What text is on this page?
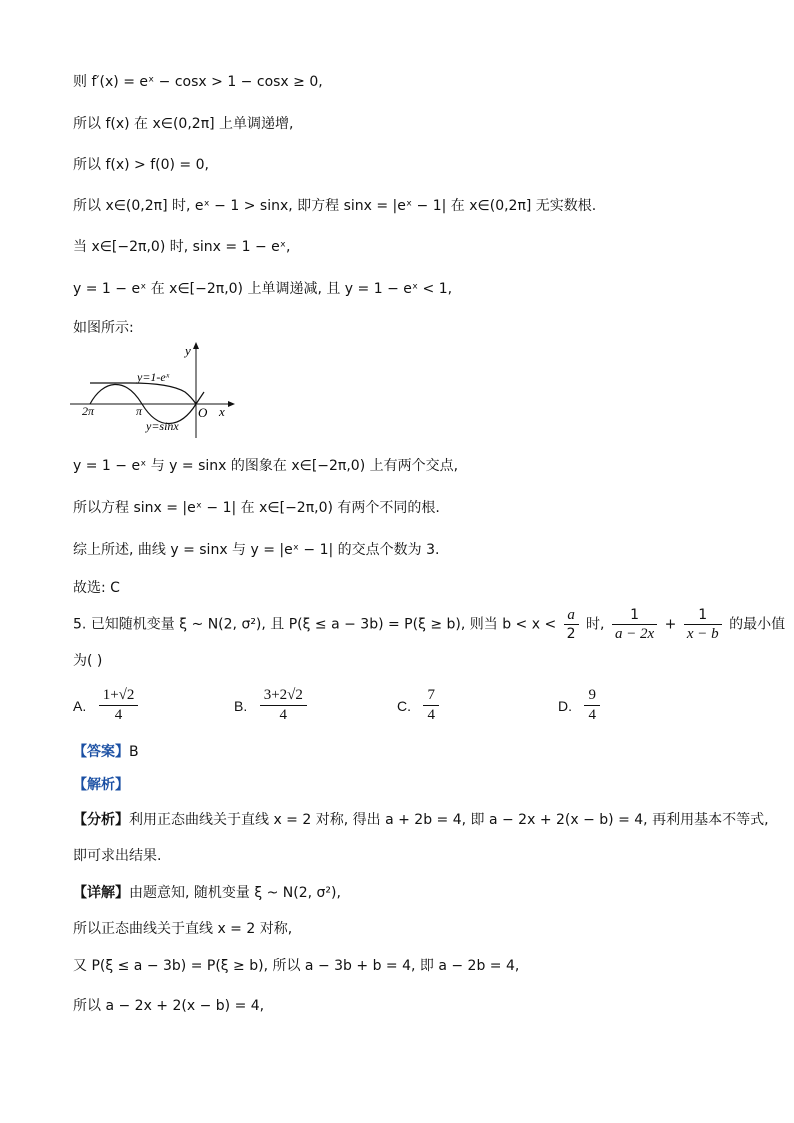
则 f′(x) = eˣ − cosx > 1 − cosx ≥ 0,
所以 f(x) 在 x∈(0,2π] 上单调递增,
所以 f(x) > f(0) = 0,
所以 x∈(0,2π] 时, eˣ − 1 > sinx, 即方程 sinx = |eˣ − 1| 在 x∈(0,2π] 无实数根.
当 x∈[−2π,0) 时, sinx = 1 − eˣ,
y = 1 − eˣ 在 x∈[−2π,0) 上单调递减, 且 y = 1 − eˣ < 1,
如图所示:
y
x
O
2π	π
y=1-eˣ
y=sinx
y = 1 − eˣ 与 y = sinx 的图象在 x∈[−2π,0) 上有两个交点,
所以方程 sinx = |eˣ − 1| 在 x∈[−2π,0) 有两个不同的根.
综上所述, 曲线 y = sinx 与 y = |eˣ − 1| 的交点个数为 3.
故选: C
5. 已知随机变量 ξ ~ N(2, σ²), 且 P(ξ ≤ a − 3b) = P(ξ ≥ b), 则当 $b < x < \frac{a}{2}$ 时, $\frac{1}{a - 2x} + \frac{1}{x - b}$ 的最小值
为( )
A. $\frac{1+√2}{4}$	B. $\frac{3+2√2}{4}$	C. $\frac{7}{4}$	D. $\frac{9}{4}$
【答案】B
【解析】
【分析】利用正态曲线关于直线 x = 2 对称, 得出 a + 2b = 4, 即 a − 2x + 2(x − b) = 4, 再利用基本不等式,
即可求出结果.
【详解】由题意知, 随机变量 ξ ~ N(2, σ²),
所以正态曲线关于直线 x = 2 对称,
又 P(ξ ≤ a − 3b) = P(ξ ≥ b), 所以 a − 3b + b = 4, 即 a − 2b = 4,
所以 a − 2x + 2(x − b) = 4,
